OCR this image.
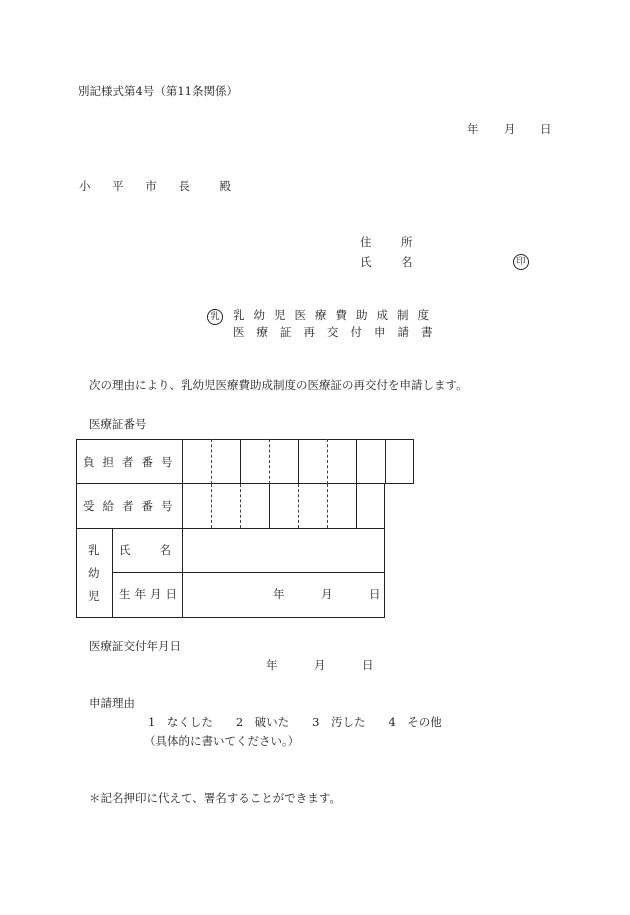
別記様式第4号（第11条関係）
年 月 日
小 平 市 長　殿
住　所
氏　名	印
乳	乳幼児医療費助成制度
医療証再交付申請書
次の理由により、乳幼児医療費助成制度の医療証の再交付を申請します。
医療証番号
負担者番号
受給者番号
乳
幼
児
氏　　名
生年月日	年	月	日
医療証交付年月日
年	月	日
申請理由
1　なくした　　2　破いた　　3　汚した　　4　その他
（具体的に書いてください。）
＊記名押印に代えて、署名することができます。
